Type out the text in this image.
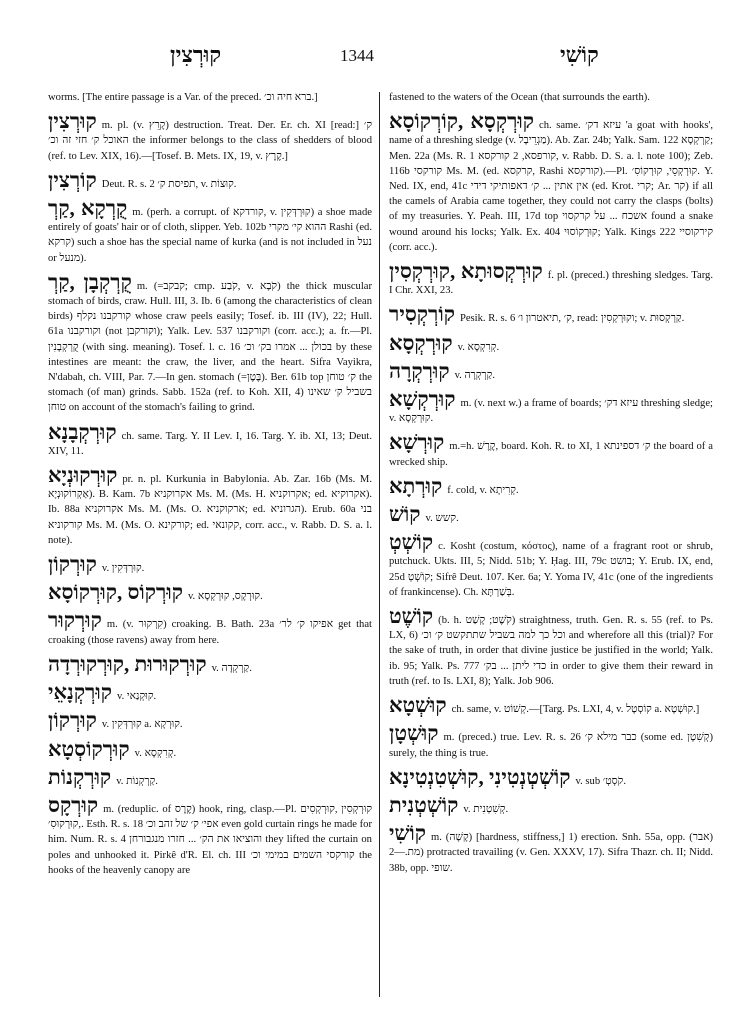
קוּרְצִין	1344	קוֹשִׁי
worms. [The entire passage is a Var. of the preced. ברא חיה וכ׳.]
קוּרְצִין m. pl. (v. קָרֵץ) destruction. Treat. Der. Er. ch. XI [read:] ק׳ האוכל ק׳ חזי זה וכ׳ the informer belongs to the class of shedders of blood (ref. to Lev. XIX, 16).—[Tosef. B. Mets. IX, 19, v. קֶרֶץ.]
קוֹרְצִין Deut. R. s. 2 תפיסת ק׳, v. קוּצוֹת.
קֻרְקָא ,קַרְ m. (perh. a corrupt. of קורדקא, v. קוּרְדְּקִין) a shoe made entirely of goats' hair or of cloth, slipper. Yeb. 102b ההוא קי׳ מקרי Rashi (ed. קרקא) such a shoe has the special name of kurka (and is not included in נעל or מנעל).
קֻרְקְבָן ,קַרְ m. (=קבקב; cmp. קֹבַע, v. קֹבָא) the thick muscular stomach of birds, craw. Hull. III, 3. Ib. 6 (among the characteristics of clean birds) קורקבנו נקלף whose craw peels easily; Tosef. ib. III (IV), 22; Hull. 61a וקורקבנו (not וקורקבן); Yalk. Lev. 537 וקורקבנו (corr. acc.); a. fr.—Pl. קֻרְקְבָנִין (with sing. meaning). Tosef. l. c. 16 בכולן ... אמרו בק׳ וכ׳ by these intestines are meant: the craw, the liver, and the heart. Sifra Vayikra, N'dabah, ch. VIII, Par. 7.—In gen. stomach (=בֶּטֶן). Ber. 61b top ק׳ טוחן the stomach (of man) grinds. Sabb. 152a (ref. to Koh. XII, 4) בשביל ק׳ שאינו טוחן on account of the stomach's failing to grind.
קוּרְקְבָנָא ch. same. Targ. Y. II Lev. I, 16. Targ. Y. ib. XI, 13; Deut. XIV, 11.
קוּרְקוּנְיָא pr. n. pl. Kurkunia in Babylonia. Ab. Zar. 16b (Ms. M. אַקְרוֹקוּנְיָא). B. Kam. 7b אקרוקניא Ms. M. (Ms. H. אקרוקניא; ed. אקרוקיא). Ib. 88a אקרוקניא Ms. M. (Ms. O. ארקוקניא; ed. הגרוניא). Erub. 60a בני קורקוניא Ms. M. (Ms. O. קורקינא; ed. קקונאי, corr. acc., v. Rabb. D. S. a. l. note).
קוּרְקוֹן v. קוּרְדְּקִין.
קוּרְקוֹס ,קוּרְקוֹסָא v. קוּרְקָס, קוּרְקְסָא.
קוּרְקוּר m. (v. קִרְקוּר) croaking. B. Bath. 23a אפיקו ק׳ לר׳ get that croaking (those ravens) away from here.
קוּרְקוּרוּת ,קוּרְקוּרְדָה v. קַרְקְדָה.
קוּרְקְנָאֵי v. קוּקְנַאי.
קוּרְקוֹן v. קוּרְדְּקִין a. קוּרְקָא.
קוּרְקוֹסְטָא v. קְרִקְסָא.
קוּרְקְנוֹת v. קַרְקְנוֹת.
קוּרְקָס m. (reduplic. of קֶרֶס) hook, ring, clasp.—Pl. קוּרְקְסִין ,קוּרְקְסִים ,קוּרְקוּסִ׳. Esth. R. s. 18 אפי׳ ק׳ של זהב וכ׳ even gold curtain rings he made for him. Num. R. s. 4 והוציאו את הק׳ ... חזרו מנגבורחן they lifted the curtain on poles and unhooked it. Pirkê d'R. El. ch. III קורקסי השמים במימי וכ׳ the hooks of the heavenly canopy are
fastened to the waters of the Ocean (that surrounds the earth).
קוּרְקְסָא ,קוֹרְקוֹסָא ch. same. עיזא דק׳ 'a goat with hooks', name of a threshing sledge (v. מַגְרֵיבָל). Ab. Zar. 24b; Yalk. Sam. 122 קַרְקְסָא; Men. 22a (Ms. R. 1 קורפסא, 2 קורקסא, v. Rabb. D. S. a. l. note 100); Zeb. 116b קורקסי Ms. M. (ed. קרקסא, Rashi קורקסא).—Pl. קוּרְקְסֵי, קוּרְקוֹסִ׳. Y. Ned. IX, end, 41c אין אתין ... ק׳ דאפותיקי דידי (ed. Krot. קרי; Ar. קר) if all the camels of Arabia came together, they could not carry the clasps (bolts) of my treasuries. Y. Peah. III, 17d top אשכח ... על קרקסוי found a snake wound around his locks; Yalk. Ex. 404 קוּרְקוֹסוּי; Yalk. Kings 222 קירקוסיי (corr. acc.).
קוּרְקְסוּתָא ,קוּרְקְסִין f. pl. (preced.) threshing sledges. Targ. I Chr. XXI, 23.
קוֹרְקְסִיר Pesik. R. s. 6 ק׳ ,תיאטרון ו׳, read: וקוּרְקְסִין; v. קַרְקְסוּת.
קוּרְקְסָא v. קְרִקְסָא.
קוּרְקְרָה v. קַרְקְרָה.
קוּרְקְשָׁא m. (v. next w.) a frame of boards; עיזא דק׳ threshing sledge; v. קוּרְקְסָא.
קוּרְשָׁא m.=h. קֶרֶשׁ, board. Koh. R. to XI, 1 ק׳ דספינתא the board of a wrecked ship.
קוּרְתָא f. cold, v. קְרִיתָא.
קוֹשׁ v. קשש.
קוֹשְׁטְ c. Kosht (costum, κόστος), name of a fragrant root or shrub, putchuck. Ukts. III, 5; Nidd. 51b; Y. Ḥag. III, 79c בושט; Y. Erub. IX, end, 25d קוֹשְׁטְ; Sifrê Deut. 107. Ker. 6a; Y. Yoma IV, 41c (one of the ingredients of frankincense). Ch. בְּשַׁרְתָּא.
קוֹשֶׁט (b. h. קֹשֶׁט; קָשַׁט) straightness, truth. Gen. R. s. 55 (ref. to Ps. LX, 6) וכל כך למה בשביל שתתקשט ק׳ וכ׳ and wherefore all this (trial)? For the sake of truth, in order that divine justice be justified in the world; Yalk. ib. 95; Yalk. Ps. 777 כדי ליתן ... בק׳ in order to give them their reward in truth (ref. to Is. LXI, 8); Yalk. Job 906.
קוּשְׁטָא ch. same, v. קְשׁוֹט.—[Targ. Ps. LXI, 4, v. קוֹסְטָל a. קוּשְׁטָא.]
קוּשְׁטָן m. (preced.) true. Lev. R. s. 26 כבר מילא ק׳ (some ed. קְשִׁטָן) surely, the thing is true.
קוֹשְׁטְנְטִינִי ,קוּשְׁטִנְטִינָא v. sub קֹסְטְ׳.
קוֹשְׁטְנִית v. קְשִׁטְנִית.
קוֹשִׁי m. (קָשָׁה) [hardness, stiffness,] 1) erection. Snh. 55a, opp. (אבר) מת.—2) protracted travailing (v. Gen. XXXV, 17). Sifra Thazr. ch. II; Nidd. 38b, opp. שופי.
